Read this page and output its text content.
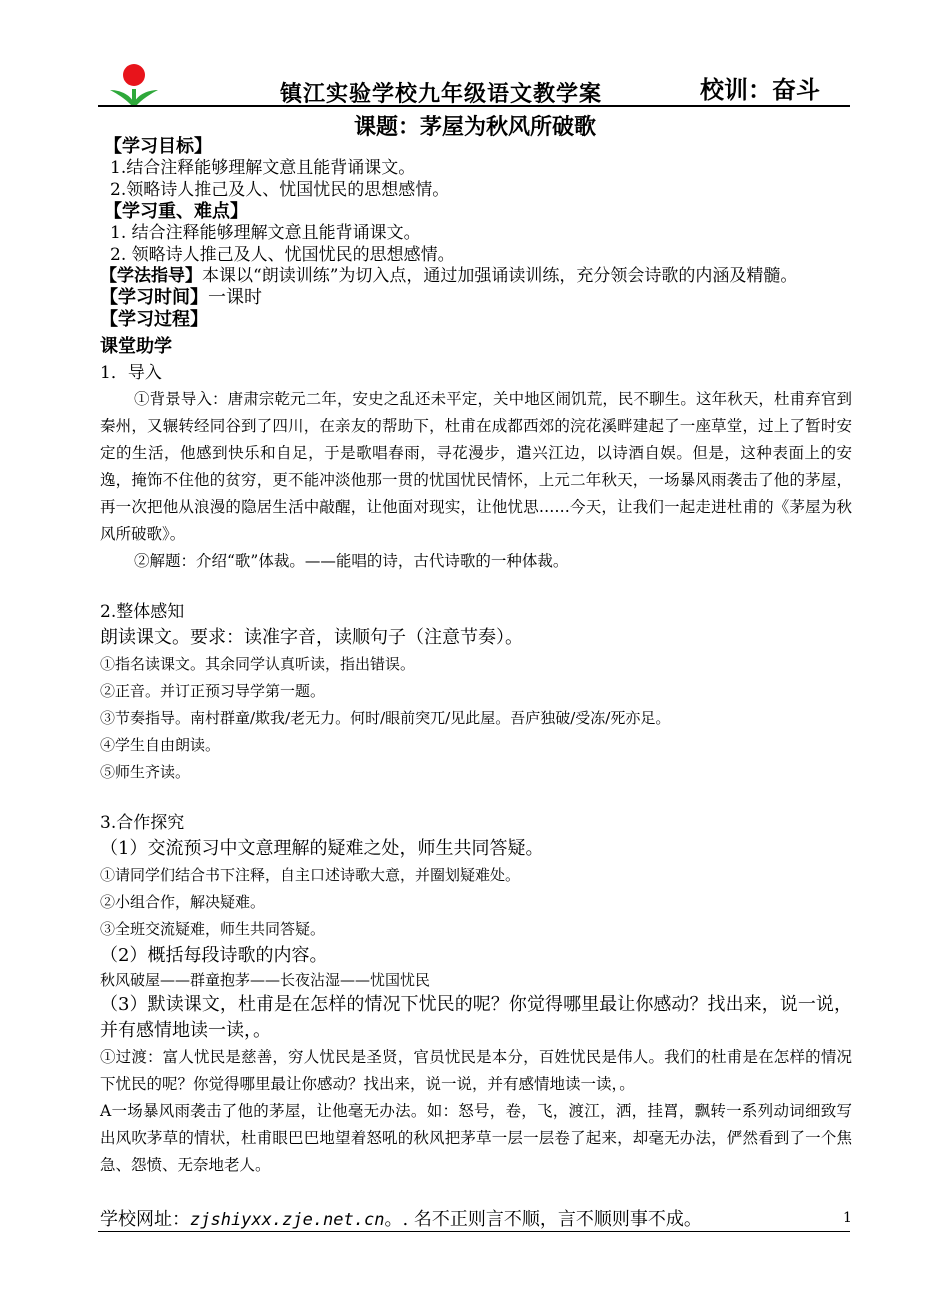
镇江实验学校九年级语文教学案	校训：奋斗
课题：茅屋为秋风所破歌
【学习目标】
1.结合注释能够理解文意且能背诵课文。
2.领略诗人推己及人、忧国忧民的思想感情。
【学习重、难点】
1. 结合注释能够理解文意且能背诵课文。
2. 领略诗人推己及人、忧国忧民的思想感情。
【学法指导】本课以“朗读训练”为切入点，通过加强诵读训练，充分领会诗歌的内涵及精髓。
【学习时间】一课时
【学习过程】
课堂助学
1．导入
①背景导入：唐肃宗乾元二年，安史之乱还未平定，关中地区闹饥荒，民不聊生。这年秋天，杜甫弃官到秦州，又辗转经同谷到了四川，在亲友的帮助下，杜甫在成都西郊的浣花溪畔建起了一座草堂，过上了暂时安定的生活，他感到快乐和自足，于是歌唱春雨，寻花漫步，遣兴江边，以诗酒自娱。但是，这种表面上的安逸，掩饰不住他的贫穷，更不能冲淡他那一贯的忧国忧民情怀，上元二年秋天，一场暴风雨袭击了他的茅屋，再一次把他从浪漫的隐居生活中敲醒，让他面对现实，让他忧思……今天，让我们一起走进杜甫的《茅屋为秋风所破歌》。
②解题：介绍“歌”体裁。——能唱的诗，古代诗歌的一种体裁。
2.整体感知
朗读课文。要求：读准字音，读顺句子（注意节奏）。
①指名读课文。其余同学认真听读，指出错误。
②正音。并订正预习导学第一题。
③节奏指导。南村群童/欺我/老无力。何时/眼前突兀/见此屋。吾庐独破/受冻/死亦足。
④学生自由朗读。
⑤师生齐读。
3.合作探究
（1）交流预习中文意理解的疑难之处，师生共同答疑。
①请同学们结合书下注释，自主口述诗歌大意，并圈划疑难处。
②小组合作，解决疑难。
③全班交流疑难，师生共同答疑。
（2）概括每段诗歌的内容。
秋风破屋——群童抱茅——长夜沾湿——忧国忧民
（3）默读课文，杜甫是在怎样的情况下忧民的呢？你觉得哪里最让你感动？找出来，说一说，并有感情地读一读，。
①过渡：富人忧民是慈善，穷人忧民是圣贤，官员忧民是本分，百姓忧民是伟人。我们的杜甫是在怎样的情况下忧民的呢？你觉得哪里最让你感动？找出来，说一说，并有感情地读一读，。
A一场暴风雨袭击了他的茅屋，让他毫无办法。如：怒号，卷，飞，渡江，洒，挂罥，飘转一系列动词细致写出风吹茅草的情状，杜甫眼巴巴地望着怒吼的秋风把茅草一层一层卷了起来，却毫无办法，俨然看到了一个焦急、怨愤、无奈地老人。
学校网址：zjshiyxx.zje.net.cn。. 名不正则言不顺，言不顺则事不成。	1
